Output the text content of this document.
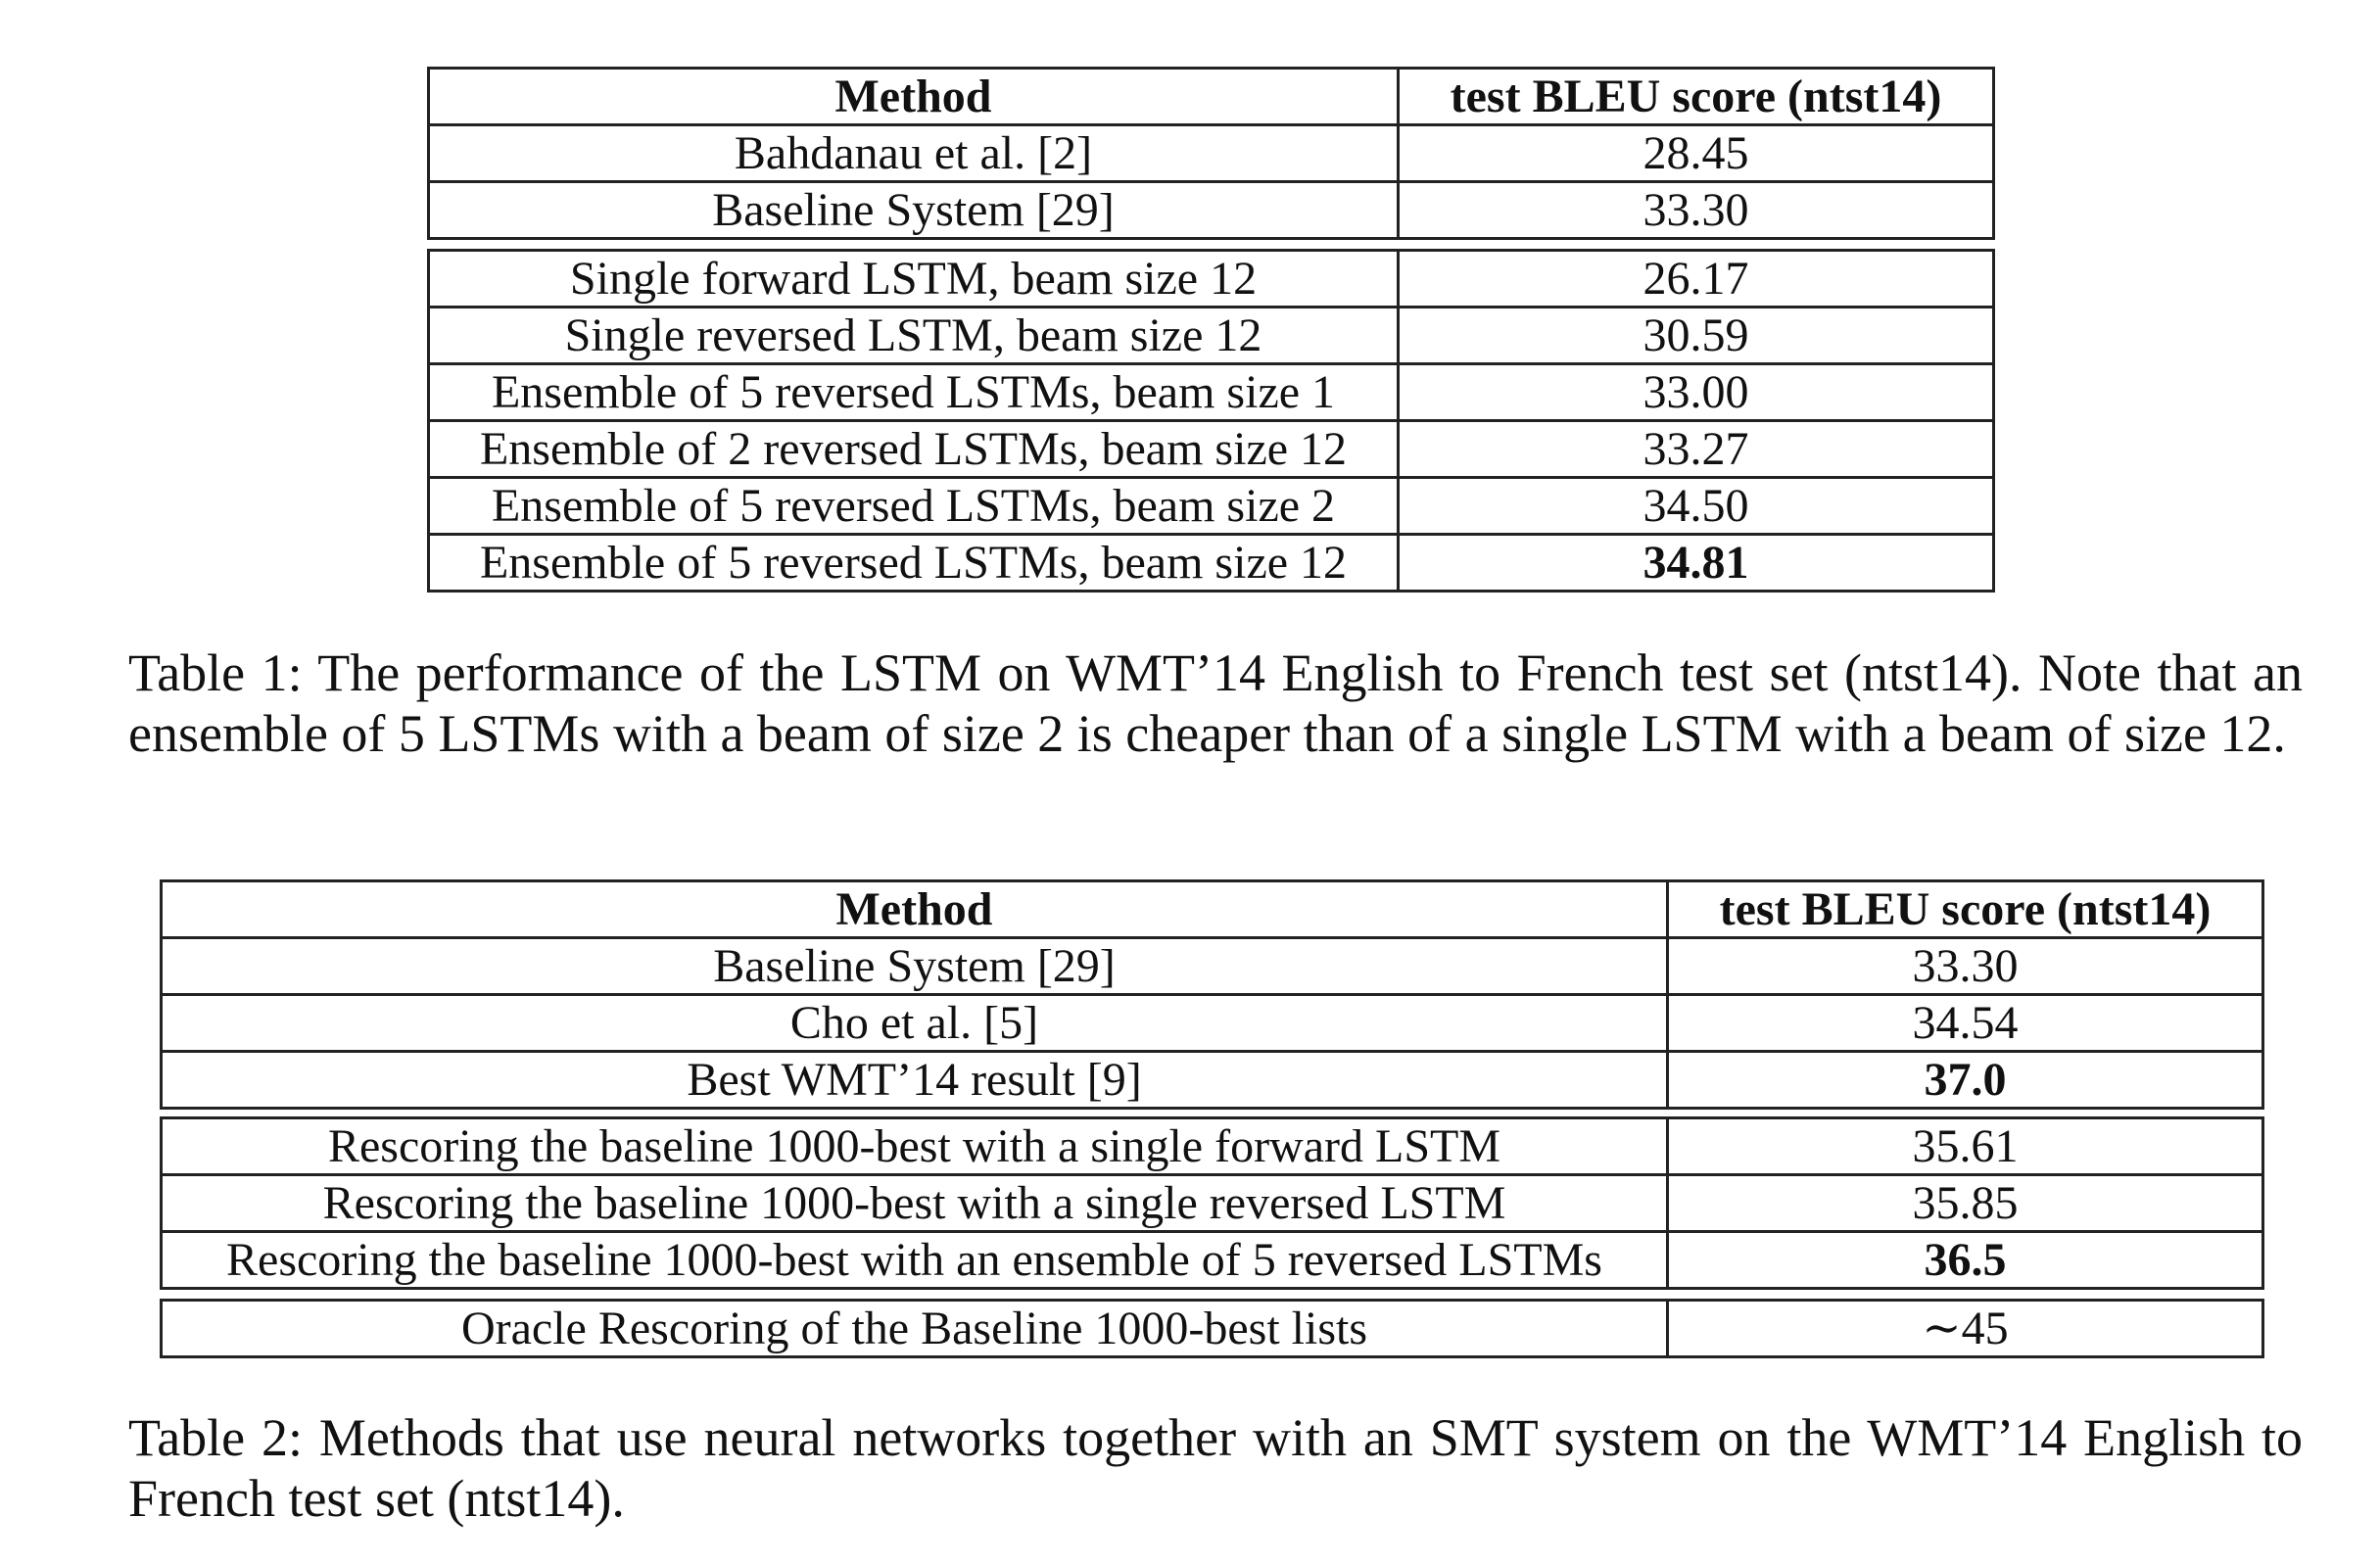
Method	test BLEU score (ntst14)
Bahdanau et al. [2]	28.45
Baseline System [29]	33.30
Single forward LSTM, beam size 12	26.17
Single reversed LSTM, beam size 12	30.59
Ensemble of 5 reversed LSTMs, beam size 1	33.00
Ensemble of 2 reversed LSTMs, beam size 12	33.27
Ensemble of 5 reversed LSTMs, beam size 2	34.50
Ensemble of 5 reversed LSTMs, beam size 12	34.81

Table 1: The performance of the LSTM on WMT’14 English to French test set (ntst14). Note that an ensemble of 5 LSTMs with a beam of size 2 is cheaper than of a single LSTM with a beam of size 12.

Method	test BLEU score (ntst14)
Baseline System [29]	33.30
Cho et al. [5]	34.54
Best WMT’14 result [9]	37.0
Rescoring the baseline 1000-best with a single forward LSTM	35.61
Rescoring the baseline 1000-best with a single reversed LSTM	35.85
Rescoring the baseline 1000-best with an ensemble of 5 reversed LSTMs	36.5
Oracle Rescoring of the Baseline 1000-best lists	∼45

Table 2: Methods that use neural networks together with an SMT system on the WMT’14 English to French test set (ntst14).
